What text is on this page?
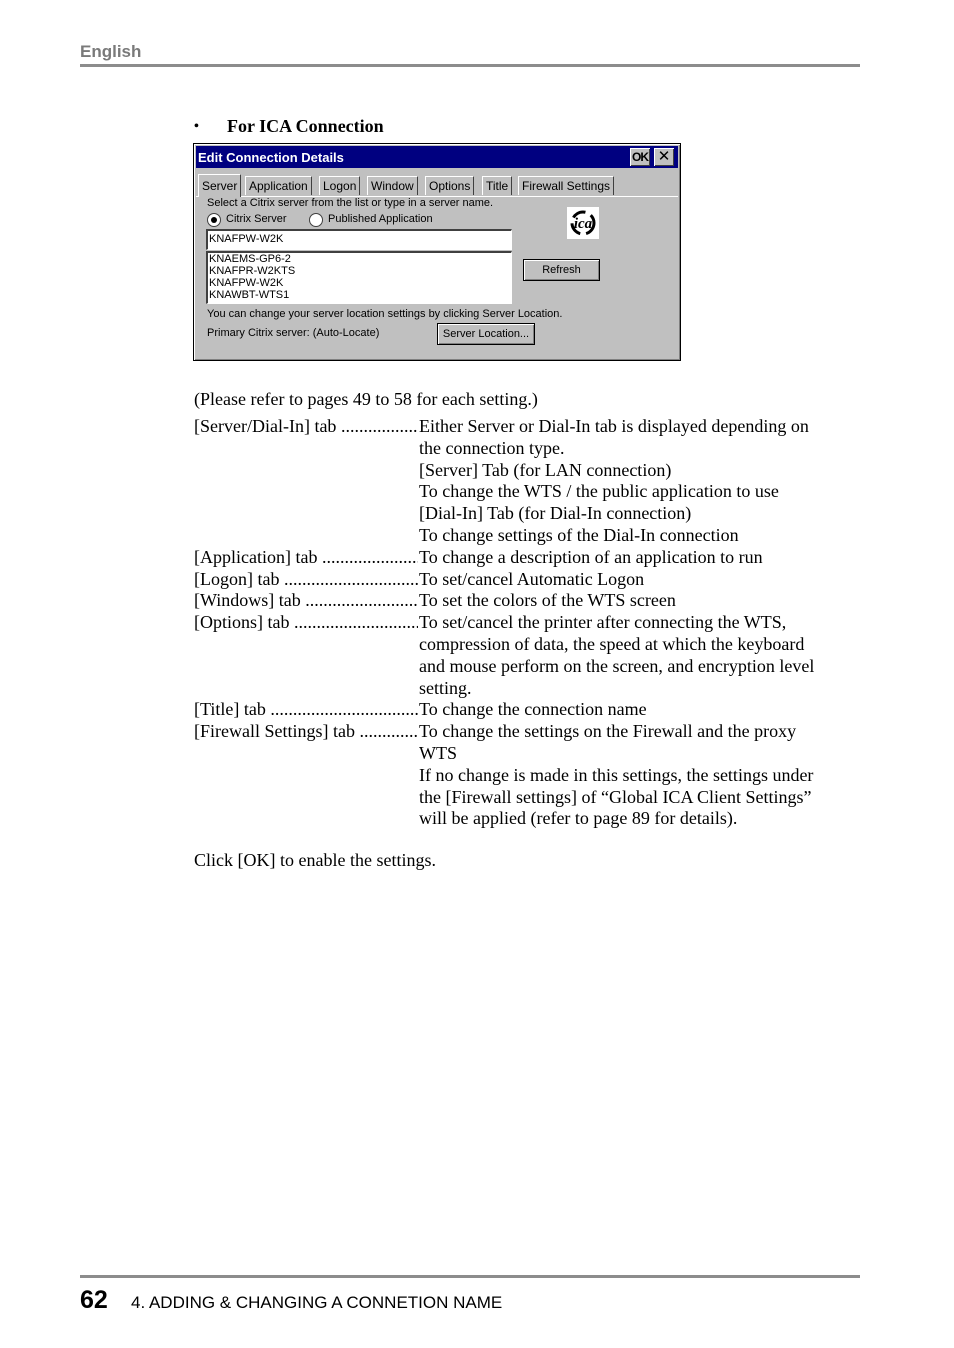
English
• For ICA Connection
Edit Connection Details	OK ✕
Server Application	Logon	Window	Options	Title	Firewall Settings
Select a Citrix server from the list or type in a server name.
Citrix Server	Published Application
KNAFPW-W2K
KNAEMS-GP6-2
KNAFPR-W2KTS
KNAFPW-W2K
KNAWBT-WTS1
Refresh
You can change your server location settings by clicking Server Location.
Primary Citrix server: (Auto-Locate)	Server Location...
ica
(Please refer to pages 49 to 58 for each setting.)
[Server/Dial-In] tab .....	Either Server or Dial-In tab is displayed depending on
the connection type.
[Server] Tab (for LAN connection)
To change the WTS / the public application to use
[Dial-In] Tab (for Dial-In connection)
To change settings of the Dial-In connection
[Application] tab .....	To change a description of an application to run
[Logon] tab .....	To set/cancel Automatic Logon
[Windows] tab .....	To set the colors of the WTS screen
[Options] tab .....	To set/cancel the printer after connecting the WTS,
compression of data, the speed at which the keyboard
and mouse perform on the screen, and encryption level
setting.
[Title] tab .....	To change the connection name
[Firewall Settings] tab .....	To change the settings on the Firewall and the proxy
WTS
If no change is made in this settings, the settings under
the [Firewall settings] of “Global ICA Client Settings”
will be applied (refer to page 89 for details).
Click [OK] to enable the settings.
62 4. ADDING & CHANGING A CONNETION NAME
